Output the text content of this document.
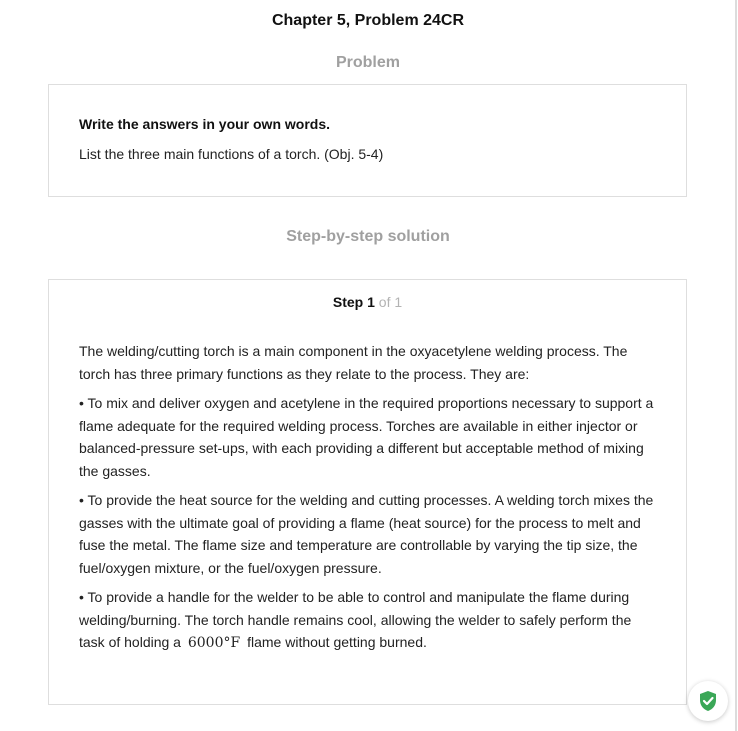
Chapter 5, Problem 24CR
Problem
Write the answers in your own words.
List the three main functions of a torch. (Obj. 5-4)
Step-by-step solution
Step 1 of 1

The welding/cutting torch is a main component in the oxyacetylene welding process. The torch has three primary functions as they relate to the process. They are:

• To mix and deliver oxygen and acetylene in the required proportions necessary to support a flame adequate for the required welding process. Torches are available in either injector or balanced-pressure set-ups, with each providing a different but acceptable method of mixing the gasses.

• To provide the heat source for the welding and cutting processes. A welding torch mixes the gasses with the ultimate goal of providing a flame (heat source) for the process to melt and fuse the metal. The flame size and temperature are controllable by varying the tip size, the fuel/oxygen mixture, or the fuel/oxygen pressure.

• To provide a handle for the welder to be able to control and manipulate the flame during welding/burning. The torch handle remains cool, allowing the welder to safely perform the task of holding a 6000°F flame without getting burned.
